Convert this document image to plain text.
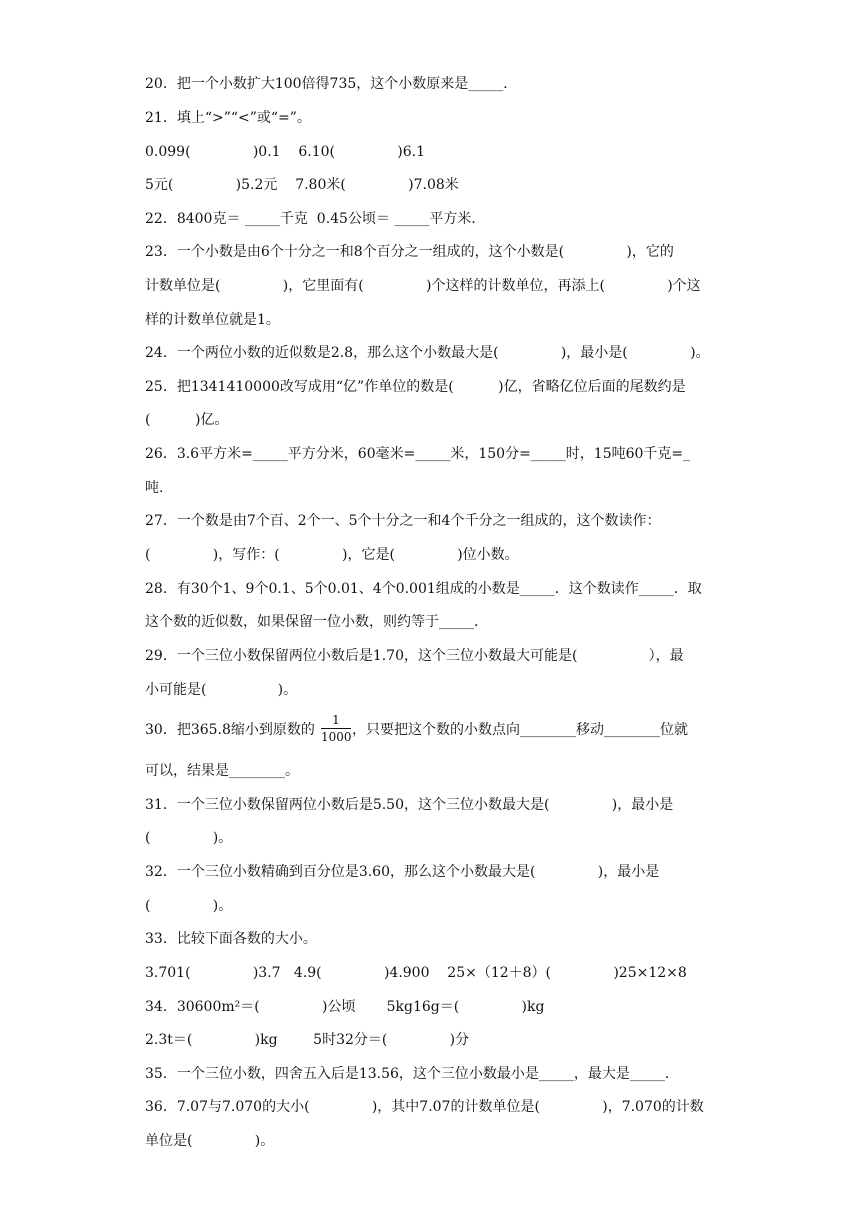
20．把一个小数扩大100倍得735，这个小数原来是_____．
21．填上“>”“<”或“=”。
0.099(              )0.1    6.10(              )6.1
5元(              )5.2元    7.80米(              )7.08米
22．8400克＝ _____千克  0.45公顷＝ _____平方米．
23．一个小数是由6个十分之一和8个百分之一组成的，这个小数是(              )，它的
计数单位是(              )，它里面有(              )个这样的计数单位，再添上(              )个这
样的计数单位就是1。
24．一个两位小数的近似数是2.8，那么这个小数最大是(              )，最小是(              )。
25．把1341410000改写成用“亿”作单位的数是(          )亿，省略亿位后面的尾数约是
(          )亿。
26．3.6平方米=_____平方分米，60毫米=_____米，150分=_____时，15吨60千克=_
吨.
27．一个数是由7个百、2个一、5个十分之一和4个千分之一组成的，这个数读作：
(              )，写作：(              )，它是(              )位小数。
28．有30个1、9个0.1、5个0.01、4个0.001组成的小数是_____．这个数读作_____．取
这个数的近似数，如果保留一位小数，则约等于_____．
29．一个三位小数保留两位小数后是1.70，这个三位小数最大可能是(                ），最
小可能是(                )。
30．把365.8缩小到原数的
1
1000 ，只要把这个数的小数点向________移动________位就
可以，结果是________。
31．一个三位小数保留两位小数后是5.50，这个三位小数最大是(              )，最小是
(              )。
32．一个三位小数精确到百分位是3.60，那么这个小数最大是(              )，最小是
(              )。
33．比较下面各数的大小。
3.701(              )3.7   4.9(              )4.900    25×（12＋8）(              )25×12×8
34．30600m²＝(              )公顷       5kg16g＝(              )kg
2.3t＝(              )kg        5时32分＝(              )分
35．一个三位小数，四舍五入后是13.56，这个三位小数最小是_____，最大是_____．
36．7.07与7.070的大小(              )，其中7.07的计数单位是(              )，7.070的计数
单位是(              )。
